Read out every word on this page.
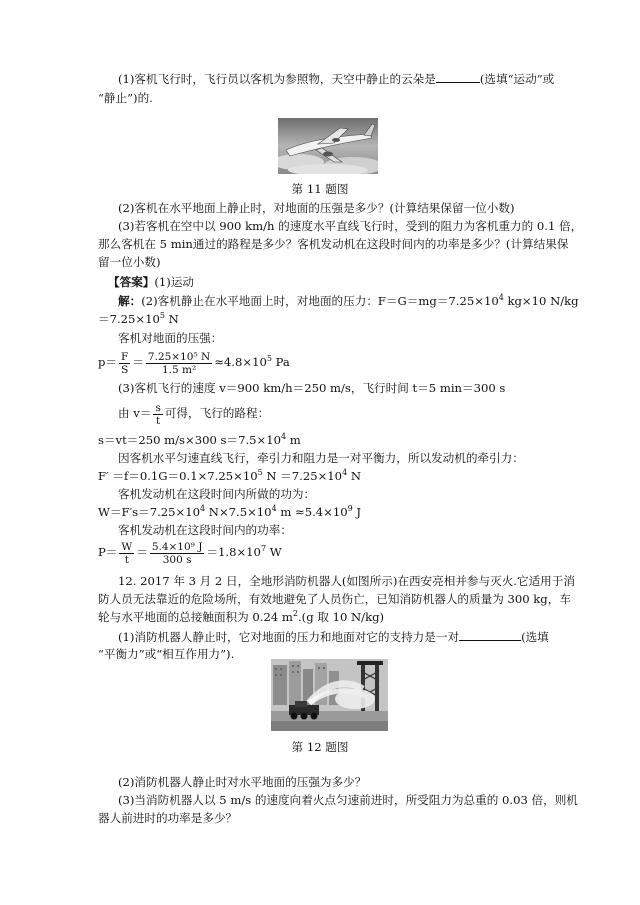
(1)客机飞行时，飞行员以客机为参照物，天空中静止的云朵是	(选填“运动”或
“静止”)的.
第 11 题图
(2)客机在水平地面上静止时，对地面的压强是多少？(计算结果保留一位小数)
(3)若客机在空中以 900 km/h 的速度水平直线飞行时，受到的阻力为客机重力的 0.1 倍，
那么客机在 5 min通过的路程是多少？客机发动机在这段时间内的功率是多少？(计算结果保
留一位小数)
【答案】(1)运动
解：(2)客机静止在水平地面上时，对地面的压力：$F=G=mg=7.25\times 10^4$ kg×10 N/kg
$=7.25\times 10^5$ N
客机对地面的压强：
$p= \frac{F}{S} = \frac{\text{7.25×10⁵ N}}{\text{1.5 m²}} \approx 4.8\times 10^5$ Pa
(3)客机飞行的速度 v＝900 km/h＝250 m/s，飞行时间 t＝5 min＝300 s
由 $v= \frac{s}{t}$ 可得，飞行的路程：
s＝vt＝250 m/s×300 $s=7.5\times 10^4$ m
因客机水平匀速直线飞行，牵引力和阻力是一对平衡力，所以发动机的牵引力：
$F' =f=0.1G=0.1\times 7.25\times 10^5$ $N =7.25\times 10^4$ N
客机发动机在这段时间内所做的功为：
$W=F's=7.25\times 10^4$ $N\times 7.5\times 10^4$ $m \approx 5.4\times 10^9$ J
客机发动机在这段时间内的功率：
$P= \frac{W}{t} = \frac{\text{5.4×10⁹ J}}{300 s} =1.8\times 10^7$ W
12. 2017 年 3 月 2 日，全地形消防机器人(如图所示)在西安亮相并参与灭火.它适用于消
防人员无法靠近的危险场所，有效地避免了人员伤亡，已知消防机器人的质量为 300 kg，车
轮与水平地面的总接触面积为 0.24 $m^2.(g$ 取 10 N/kg)
(1)消防机器人静止时，它对地面的压力和地面对它的支持力是一对	(选填
“平衡力”或“相互作用力”).
第 12 题图
(2)消防机器人静止时对水平地面的压强为多少？
(3)当消防机器人以 5 m/s 的速度向着火点匀速前进时，所受阻力为总重的 0.03 倍，则机
器人前进时的功率是多少？
